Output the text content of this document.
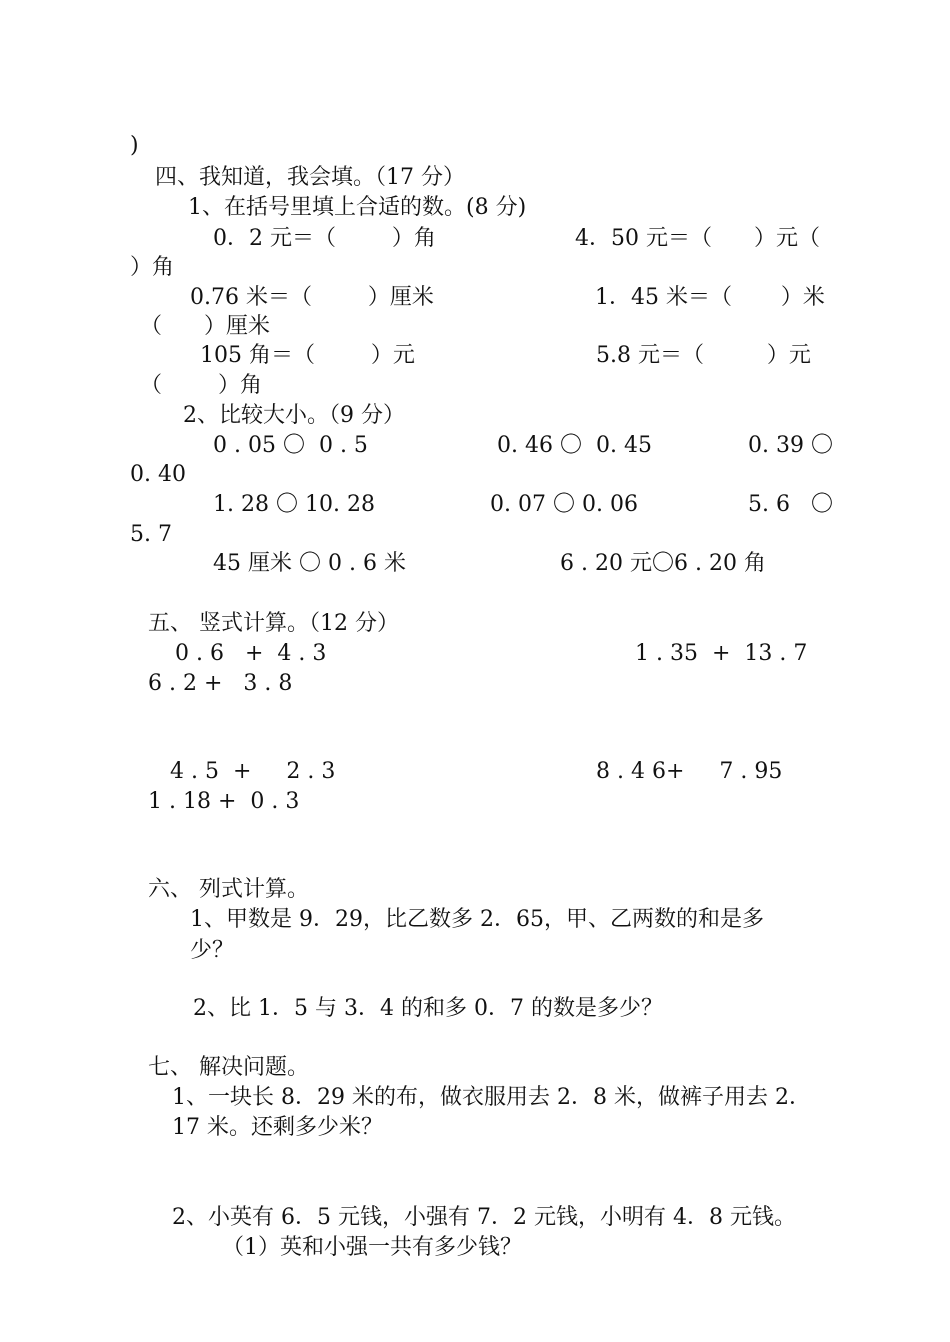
)
四、我知道，我会填。（17 分）
1、在括号里填上合适的数。(8 分)
0．2 元＝（        ）角	4．50 元＝（      ）元（
）角
0.76 米＝（        ）厘米	1．45 米＝（       ）米
（      ）厘米
105 角＝（        ）元	5.8 元＝（         ）元
（        ）角
2、比较大小。（9 分）
0 . 05 〇  0 . 5	0. 46 〇  0. 45	0. 39 〇
0. 40
1. 28 〇 10. 28	0. 07 〇 0. 06	5. 6   〇
5. 7
45 厘米 〇 0 . 6 米	6 . 20 元〇6 . 20 角
五、 竖式计算。（12 分）
0 . 6   +  4 . 3	1 . 35  +  13 . 7
6 . 2 +   3 . 8
4 . 5  +     2 . 3	8 . 4 6+     7 . 95
1 . 18 +  0 . 3
六、 列式计算。
1、甲数是 9．29，比乙数多 2．65，甲、乙两数的和是多
少？
2、比 1．5 与 3．4 的和多 0．7 的数是多少？
七、 解决问题。
1、一块长 8．29 米的布，做衣服用去 2．8 米，做裤子用去 2．
17 米。还剩多少米？
2、小英有 6．5 元钱，小强有 7．2 元钱，小明有 4．8 元钱。
（1）英和小强一共有多少钱？
